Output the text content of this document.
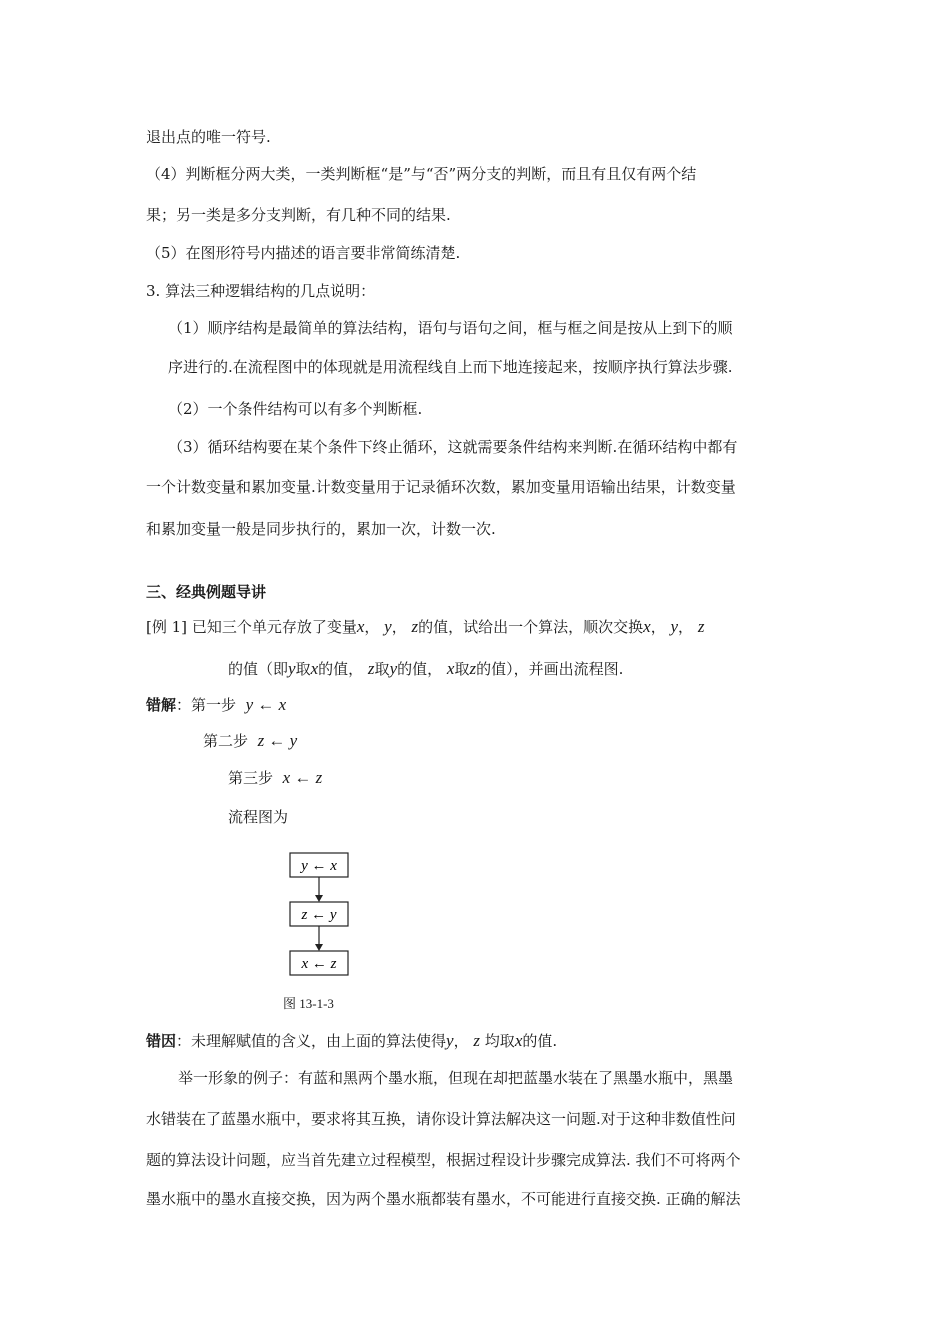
退出点的唯一符号.
（4）判断框分两大类，一类判断框“是”与“否”两分支的判断，而且有且仅有两个结
果；另一类是多分支判断，有几种不同的结果.
（5）在图形符号内描述的语言要非常简练清楚.
3. 算法三种逻辑结构的几点说明：
（1）顺序结构是最简单的算法结构，语句与语句之间，框与框之间是按从上到下的顺
序进行的.在流程图中的体现就是用流程线自上而下地连接起来，按顺序执行算法步骤.
（2）一个条件结构可以有多个判断框.
（3）循环结构要在某个条件下终止循环，这就需要条件结构来判断.在循环结构中都有
一个计数变量和累加变量.计数变量用于记录循环次数，累加变量用语输出结果，计数变量
和累加变量一般是同步执行的，累加一次，计数一次.
三、经典例题导讲
[例 1] 已知三个单元存放了变量x， y， z的值，试给出一个算法，顺次交换x， y， z
的值（即y取x的值， z取y的值， x取z的值），并画出流程图.
错解：第一步 y ← x
第二步 z ← y
第三步 x ← z
流程图为
y ← x
z ← y
x ← z
图 13-1-3
错因：未理解赋值的含义，由上面的算法使得y， z 均取x的值.
举一形象的例子：有蓝和黑两个墨水瓶，但现在却把蓝墨水装在了黑墨水瓶中，黑墨
水错装在了蓝墨水瓶中，要求将其互换，请你设计算法解决这一问题.对于这种非数值性问
题的算法设计问题，应当首先建立过程模型，根据过程设计步骤完成算法. 我们不可将两个
墨水瓶中的墨水直接交换，因为两个墨水瓶都装有墨水，不可能进行直接交换. 正确的解法
